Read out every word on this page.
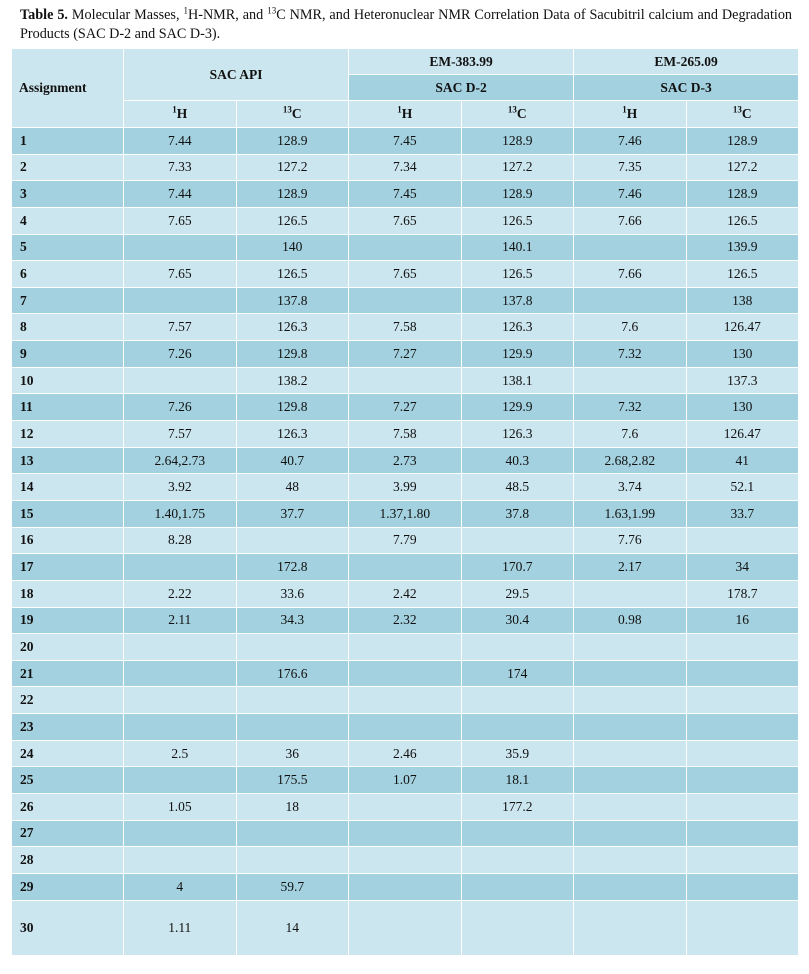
Table 5. Molecular Masses, $^1$H-NMR, and $^{13}$C NMR, and Heteronuclear NMR Correlation Data of Sacubitril calcium and Degradation Products (SAC D-2 and SAC D-3).
Assignment	SAC API		EM-383.99		EM-265.09	
			SAC D-2		SAC D-3	
	$^1$H	$^{13}$C	$^1$H	$^{13}$C	$^1$H	$^{13}$C
1	7.44	128.9	7.45	128.9	7.46	128.9
2	7.33	127.2	7.34	127.2	7.35	127.2
3	7.44	128.9	7.45	128.9	7.46	128.9
4	7.65	126.5	7.65	126.5	7.66	126.5
5		140		140.1		139.9
6	7.65	126.5	7.65	126.5	7.66	126.5
7		137.8		137.8		138
8	7.57	126.3	7.58	126.3	7.6	126.47
9	7.26	129.8	7.27	129.9	7.32	130
10		138.2		138.1		137.3
11	7.26	129.8	7.27	129.9	7.32	130
12	7.57	126.3	7.58	126.3	7.6	126.47
13	2.64,2.73	40.7	2.73	40.3	2.68,2.82	41
14	3.92	48	3.99	48.5	3.74	52.1
15	1.40,1.75	37.7	1.37,1.80	37.8	1.63,1.99	33.7
16	8.28		7.79		7.76	
17		172.8		170.7	2.17	34
18	2.22	33.6	2.42	29.5		178.7
19	2.11	34.3	2.32	30.4	0.98	16
20						
21		176.6		174		
22						
23						
24	2.5	36	2.46	35.9		
25		175.5	1.07	18.1		
26	1.05	18		177.2		
27						
28						
29	4	59.7				
30	1.11	14				
